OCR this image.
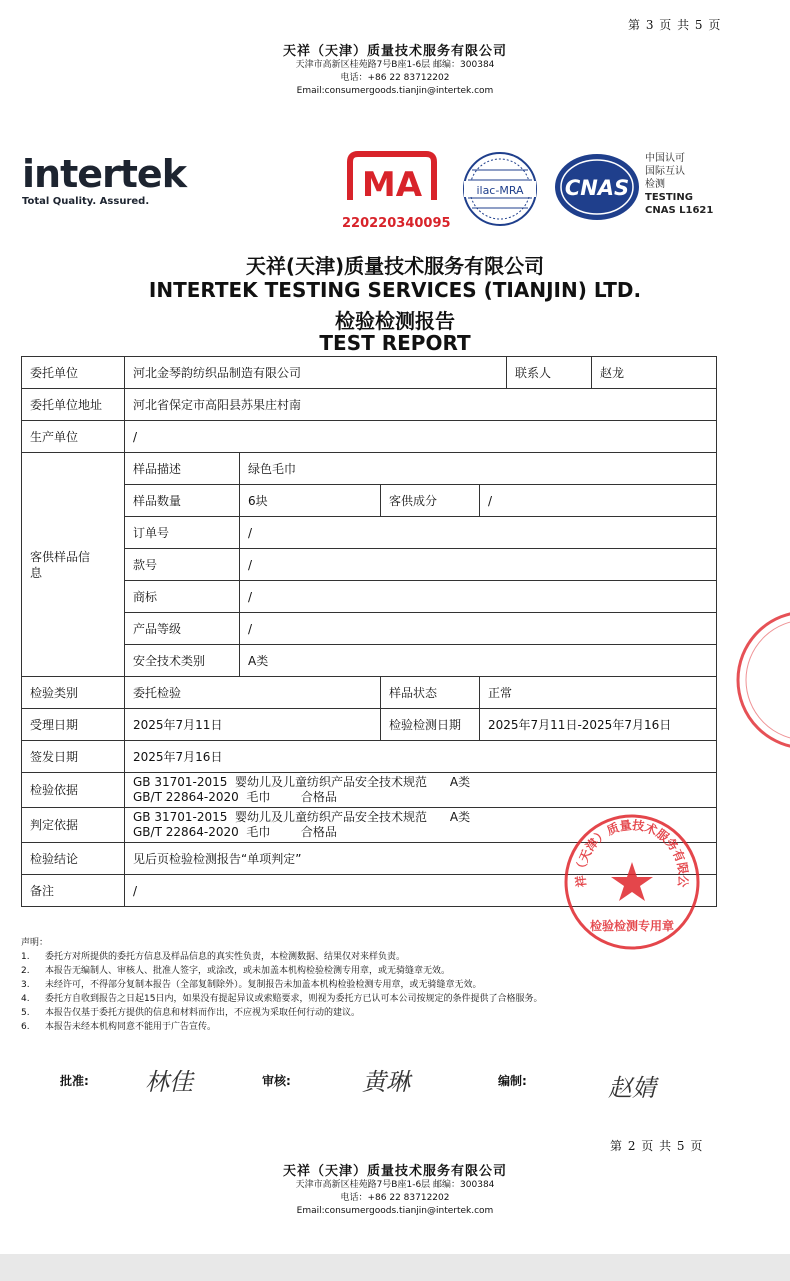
第 3 页 共 5 页
天祥（天津）质量技术服务有限公司
天津市高新区桂苑路7号B座1-6层 邮编：300384
电话：+86 22 83712202
Email:consumergoods.tianjin@intertek.com
intertek
Total Quality. Assured.	MA
220220340095
ilac-MRA CNAS
中国认可
国际互认
检测
TESTING
CNAS L1621
天祥(天津)质量技术服务有限公司
INTERTEK TESTING SERVICES (TIANJIN) LTD.
检验检测报告
TEST REPORT
委托单位	河北金琴韵纺织品制造有限公司				联系人	赵龙
委托单位地址	河北省保定市高阳县苏果庄村南					
生产单位	/					

客供样品信息	样品描述	绿色毛巾				
	样品数量	6块	客供成分	/		
	订单号	/				
	款号	/				
	商标	/				
	产品等级	/				
	安全技术类别	A类				
检验类别	委托检验		样品状态	正常		
受理日期	2025年7月11日		检验检测日期	2025年7月11日-2025年7月16日		
签发日期	2025年7月16日					
检验依据	GB 31701-2015  婴幼儿及儿童纺织产品安全技术规范      A类
GB/T 22864-2020  毛巾        合格品					

判定依据	GB 31701-2015  婴幼儿及儿童纺织产品安全技术规范      A类
GB/T 22864-2020  毛巾        合格品					

检验结论	见后页检验检测报告“单项判定”					
备注	/					
祥（天津）质量技术服务有限公
检验检测专用章
声明：
1. 委托方对所提供的委托方信息及样品信息的真实性负责，本检测数据、结果仅对来样负责。
2. 本报告无编制人、审核人、批准人签字，或涂改，或未加盖本机构检验检测专用章，或无骑缝章无效。
3. 未经许可，不得部分复制本报告（全部复制除外）。复制报告未加盖本机构检验检测专用章，或无骑缝章无效。
4. 委托方自收到报告之日起15日内，如果没有提起异议或索赔要求，则视为委托方已认可本公司按规定的条件提供了合格服务。
5. 本报告仅基于委托方提供的信息和材料而作出，不应视为采取任何行动的建议。
6. 本报告未经本机构同意不能用于广告宣传。
批准: 林佳	审核:	黄琳	编制:	赵婧
第 2 页 共 5 页
天祥（天津）质量技术服务有限公司
天津市高新区桂苑路7号B座1-6层 邮编：300384
电话：+86 22 83712202
Email:consumergoods.tianjin@intertek.com
